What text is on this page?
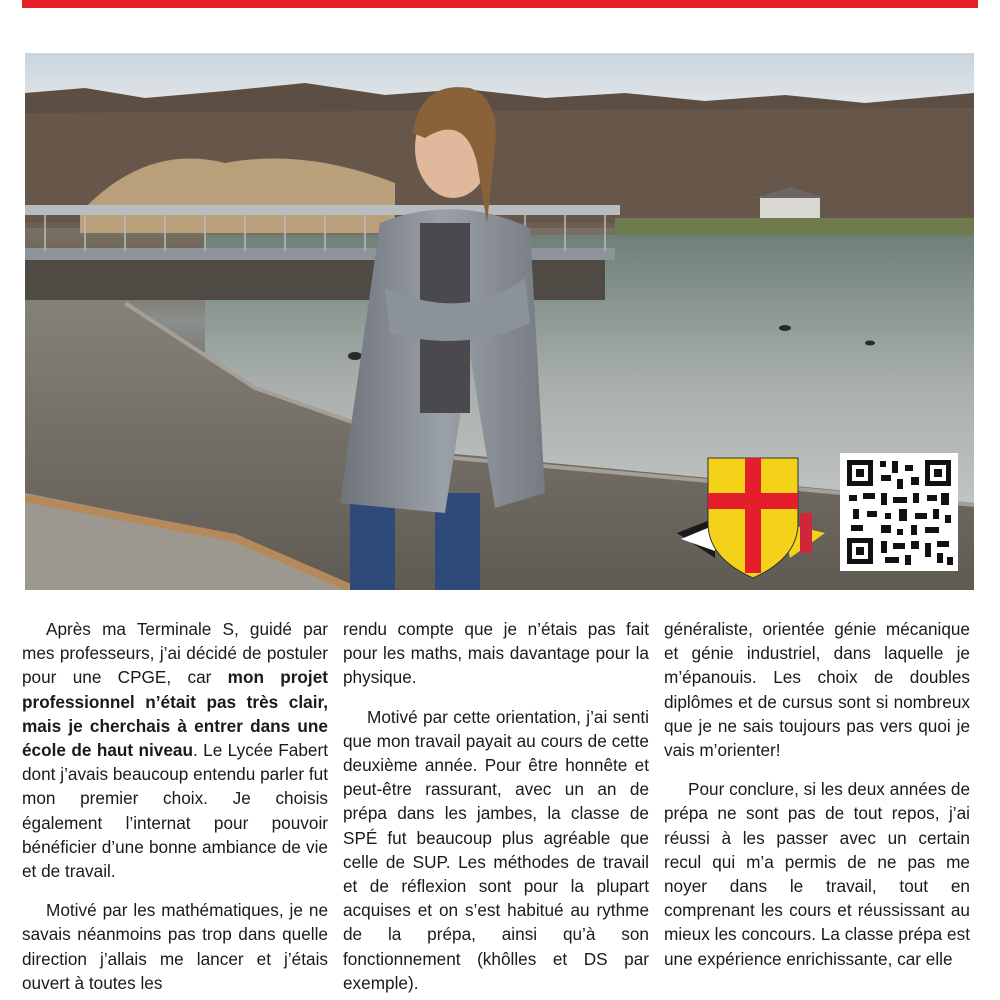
Après ma Terminale S, guidé par mes professeurs, j’ai décidé de postuler pour une CPGE, car mon projet professionnel n’était pas très clair, mais je cherchais à entrer dans une école de haut niveau. Le Lycée Fabert dont j’avais beaucoup entendu parler fut mon premier choix. Je choisis également l’internat pour pouvoir bénéficier d’une bonne ambiance de vie et de travail.

Motivé par les mathématiques, je ne savais néanmoins pas trop dans quelle direction j’allais me lancer et j’étais ouvert à toutes les

rendu compte que je n’étais pas fait pour les maths, mais davantage pour la physique.

Motivé par cette orientation, j’ai senti que mon travail payait au cours de cette deuxième année. Pour être honnête et peut-être rassurant, avec un an de prépa dans les jambes, la classe de SPÉ fut beaucoup plus agréable que celle de SUP. Les méthodes de travail et de réflexion sont pour la plupart acquises et on s’est habitué au rythme de la prépa, ainsi qu’à son fonctionnement (khôlles et DS par exemple).

généraliste, orientée génie mécanique et génie industriel, dans laquelle je m’épanouis. Les choix de doubles diplômes et de cursus sont si nombreux que je ne sais toujours pas vers quoi je vais m’orienter!

Pour conclure, si les deux années de prépa ne sont pas de tout repos, j’ai réussi à les passer avec un certain recul qui m’a permis de ne pas me noyer dans le travail, tout en comprenant les cours et réussissant au mieux les concours. La classe prépa est une expérience enrichissante, car elle
